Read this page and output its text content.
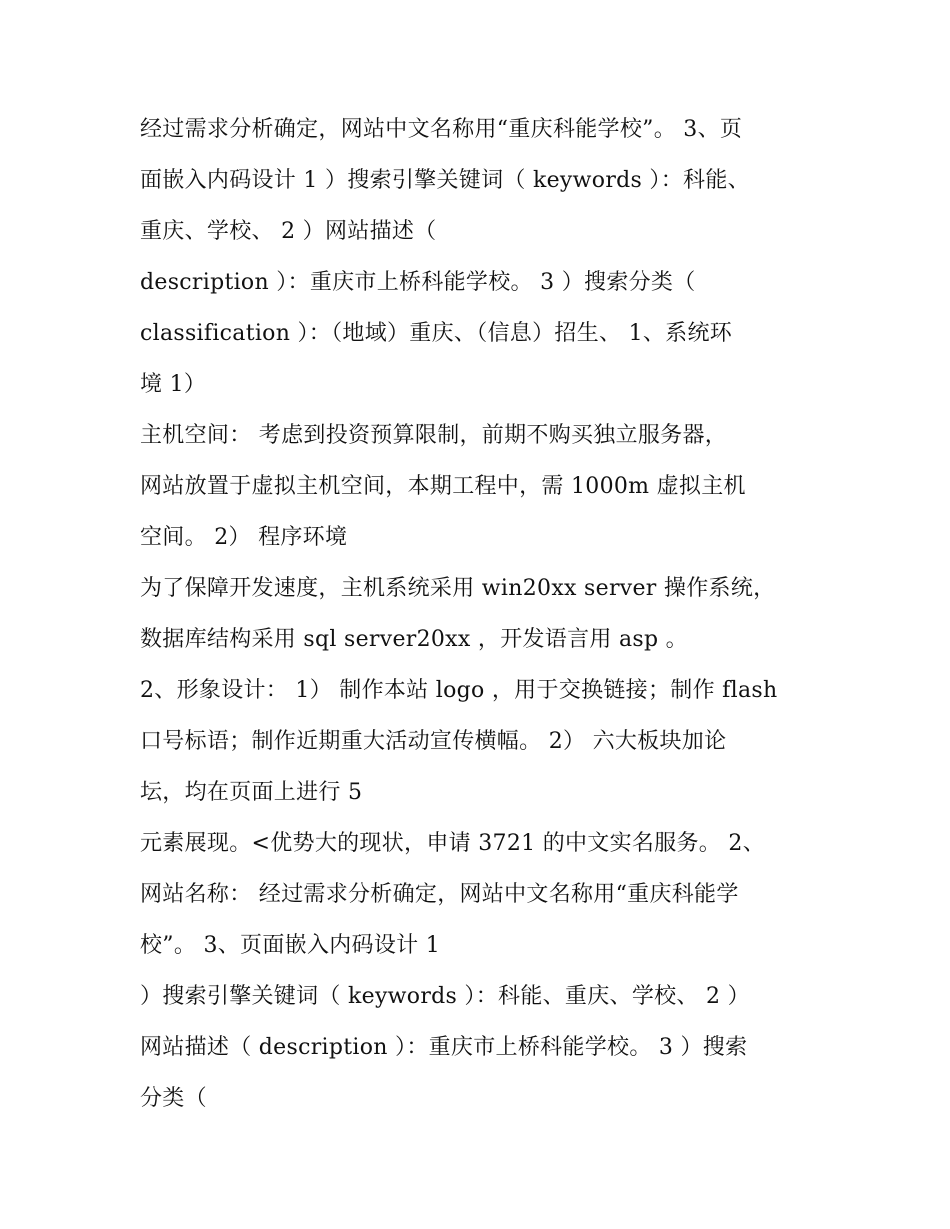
经过需求分析确定，网站中文名称用“重庆科能学校”。 3、页
面嵌入内码设计 1 ）搜索引擎关键词（ keywords ）：科能、
重庆、学校、 2 ）网站描述（
description ）：重庆市上桥科能学校。 3 ）搜索分类（
classification ）：（地域）重庆、（信息）招生、 1、系统环
境 1）
主机空间： 考虑到投资预算限制，前期不购买独立服务器，
网站放置于虚拟主机空间，本期工程中，需 1000m 虚拟主机
空间。 2） 程序环境
为了保障开发速度，主机系统采用 win20xx server 操作系统，
数据库结构采用 sql server20xx ，开发语言用 asp 。
2、形象设计： 1） 制作本站 logo ，用于交换链接；制作 flash
口号标语；制作近期重大活动宣传横幅。 2） 六大板块加论
坛，均在页面上进行 5
元素展现。<优势大的现状，申请 3721 的中文实名服务。 2、
网站名称： 经过需求分析确定，网站中文名称用“重庆科能学
校”。 3、页面嵌入内码设计 1
）搜索引擎关键词（ keywords ）：科能、重庆、学校、 2 ）
网站描述（ description ）：重庆市上桥科能学校。 3 ）搜索
分类（
